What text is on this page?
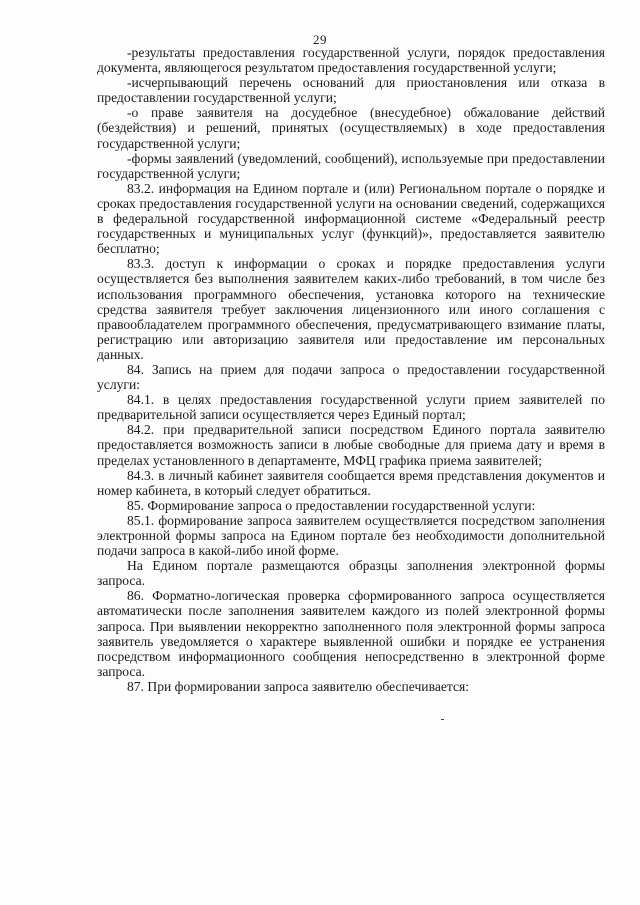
29

-результаты предоставления государственной услуги, порядок предоставления документа, являющегося результатом предоставления государственной услуги;

-исчерпывающий перечень оснований для приостановления или отказа в предоставлении государственной услуги;

-о праве заявителя на досудебное (внесудебное) обжалование действий (бездействия) и решений, принятых (осуществляемых) в ходе предоставления государственной услуги;

-формы заявлений (уведомлений, сообщений), используемые при предоставлении государственной услуги;

83.2. информация на Едином портале и (или) Региональном портале о порядке и сроках предоставления государственной услуги на основании сведений, содержащихся в федеральной государственной информационной системе «Федеральный реестр государственных и муниципальных услуг (функций)», предоставляется заявителю бесплатно;

83.3. доступ к информации о сроках и порядке предоставления услуги осуществляется без выполнения заявителем каких-либо требований, в том числе без использования программного обеспечения, установка которого на технические средства заявителя требует заключения лицензионного или иного соглашения с правообладателем программного обеспечения, предусматривающего взимание платы, регистрацию или авторизацию заявителя или предоставление им персональных данных.

84. Запись на прием для подачи запроса о предоставлении государственной услуги:

84.1. в целях предоставления государственной услуги прием заявителей по предварительной записи осуществляется через Единый портал;

84.2. при предварительной записи посредством Единого портала заявителю предоставляется возможность записи в любые свободные для приема дату и время в пределах установленного в департаменте, МФЦ графика приема заявителей;

84.3. в личный кабинет заявителя сообщается время представления документов и номер кабинета, в который следует обратиться.

85. Формирование запроса о предоставлении государственной услуги:

85.1. формирование запроса заявителем осуществляется посредством заполнения электронной формы запроса на Едином портале без необходимости дополнительной подачи запроса в какой-либо иной форме.

На Едином портале размещаются образцы заполнения электронной формы запроса.

86. Форматно-логическая проверка сформированного запроса осуществляется автоматически после заполнения заявителем каждого из полей электронной формы запроса. При выявлении некорректно заполненного поля электронной формы запроса заявитель уведомляется о характере выявленной ошибки и порядке ее устранения посредством информационного сообщения непосредственно в электронной форме запроса.

87. При формировании запроса заявителю обеспечивается:
